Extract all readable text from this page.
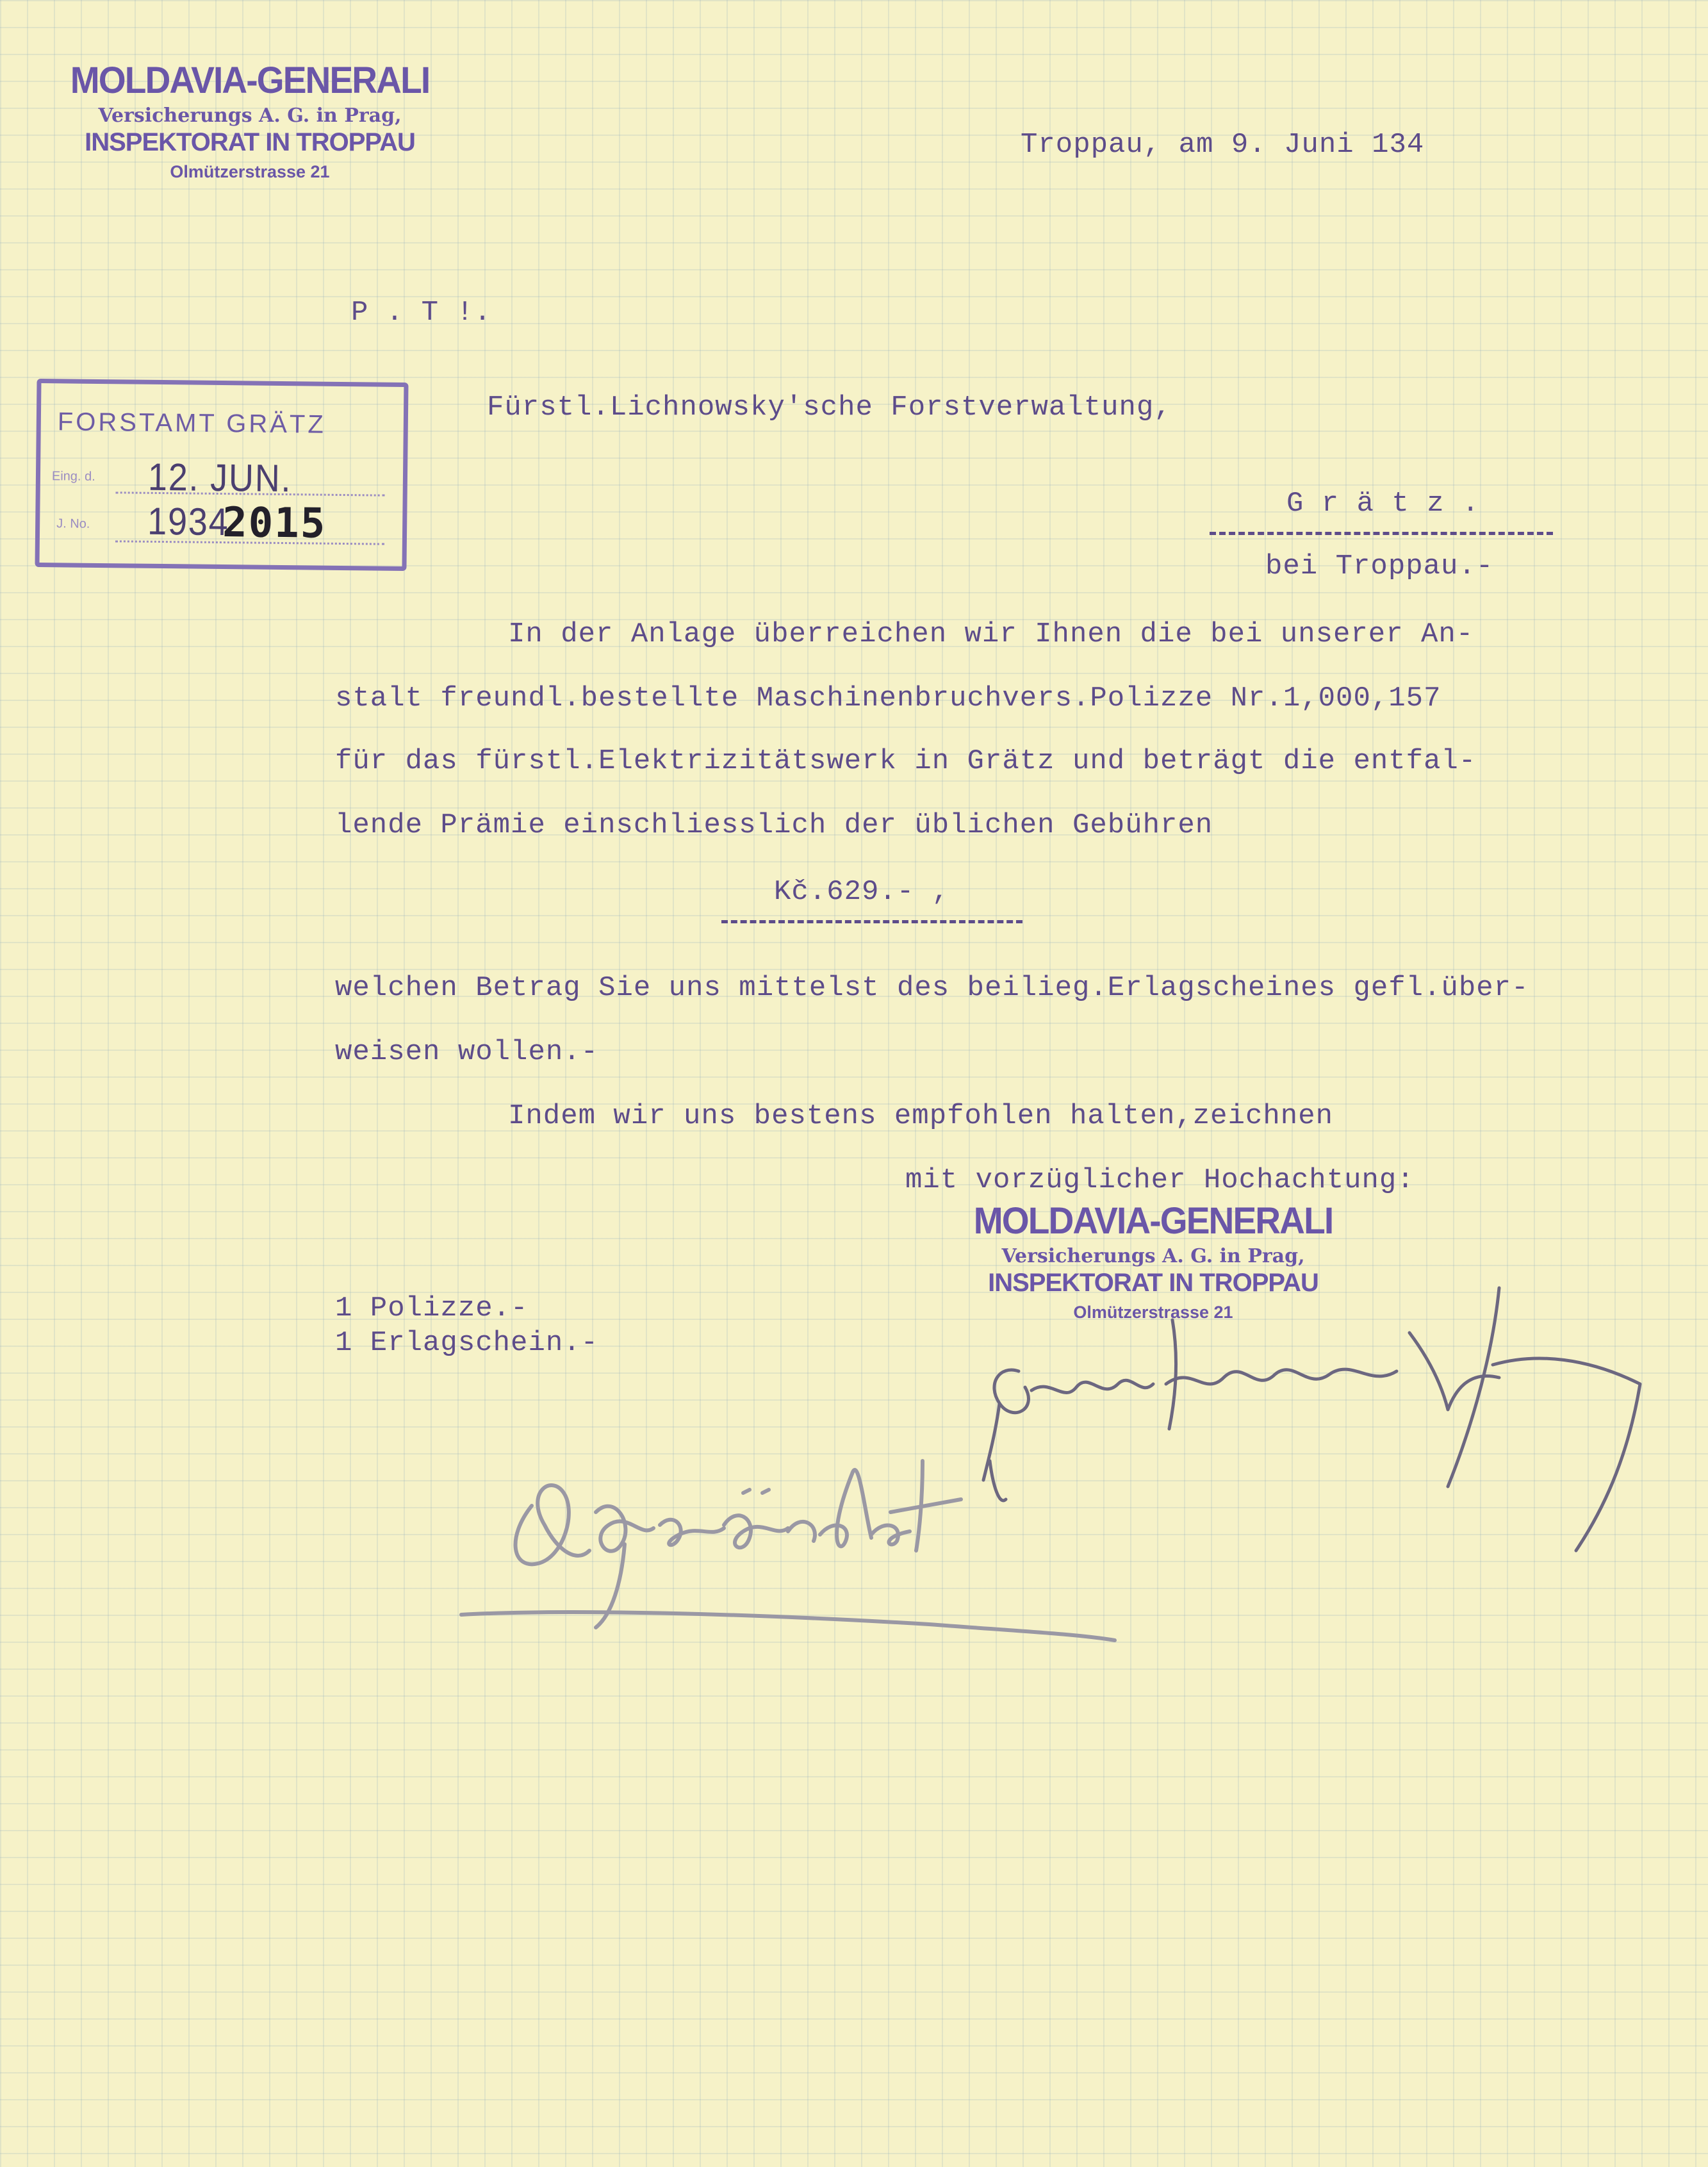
MOLDAVIA-GENERALI
Versicherungs A. G. in Prag,
INSPEKTORAT IN TROPPAU
Olmützerstrasse 21
Troppau, am 9. Juni 134
P . T !.
FORSTAMT GRÄTZ
Eing. d. 12. JUN. 1934
J. No.	2015
Fürstl.Lichnowsky'sche Forstverwaltung,
G r ä t z .
bei Troppau.-
In der Anlage überreichen wir Ihnen die bei unserer An-
stalt freundl.bestellte Maschinenbruchvers.Polizze Nr.1,000,157
für das fürstl.Elektrizitätswerk in Grätz und beträgt die entfal-
lende Prämie einschliesslich der üblichen Gebühren
Kč.629.- ,
welchen Betrag Sie uns mittelst des beilieg.Erlagscheines gefl.über-
weisen wollen.-
Indem wir uns bestens empfohlen halten,zeichnen
mit vorzüglicher Hochachtung:
MOLDAVIA-GENERALI
Versicherungs A. G. in Prag,
INSPEKTORAT IN TROPPAU
Olmützerstrasse 21
1 Polizze.-
1 Erlagschein.-
